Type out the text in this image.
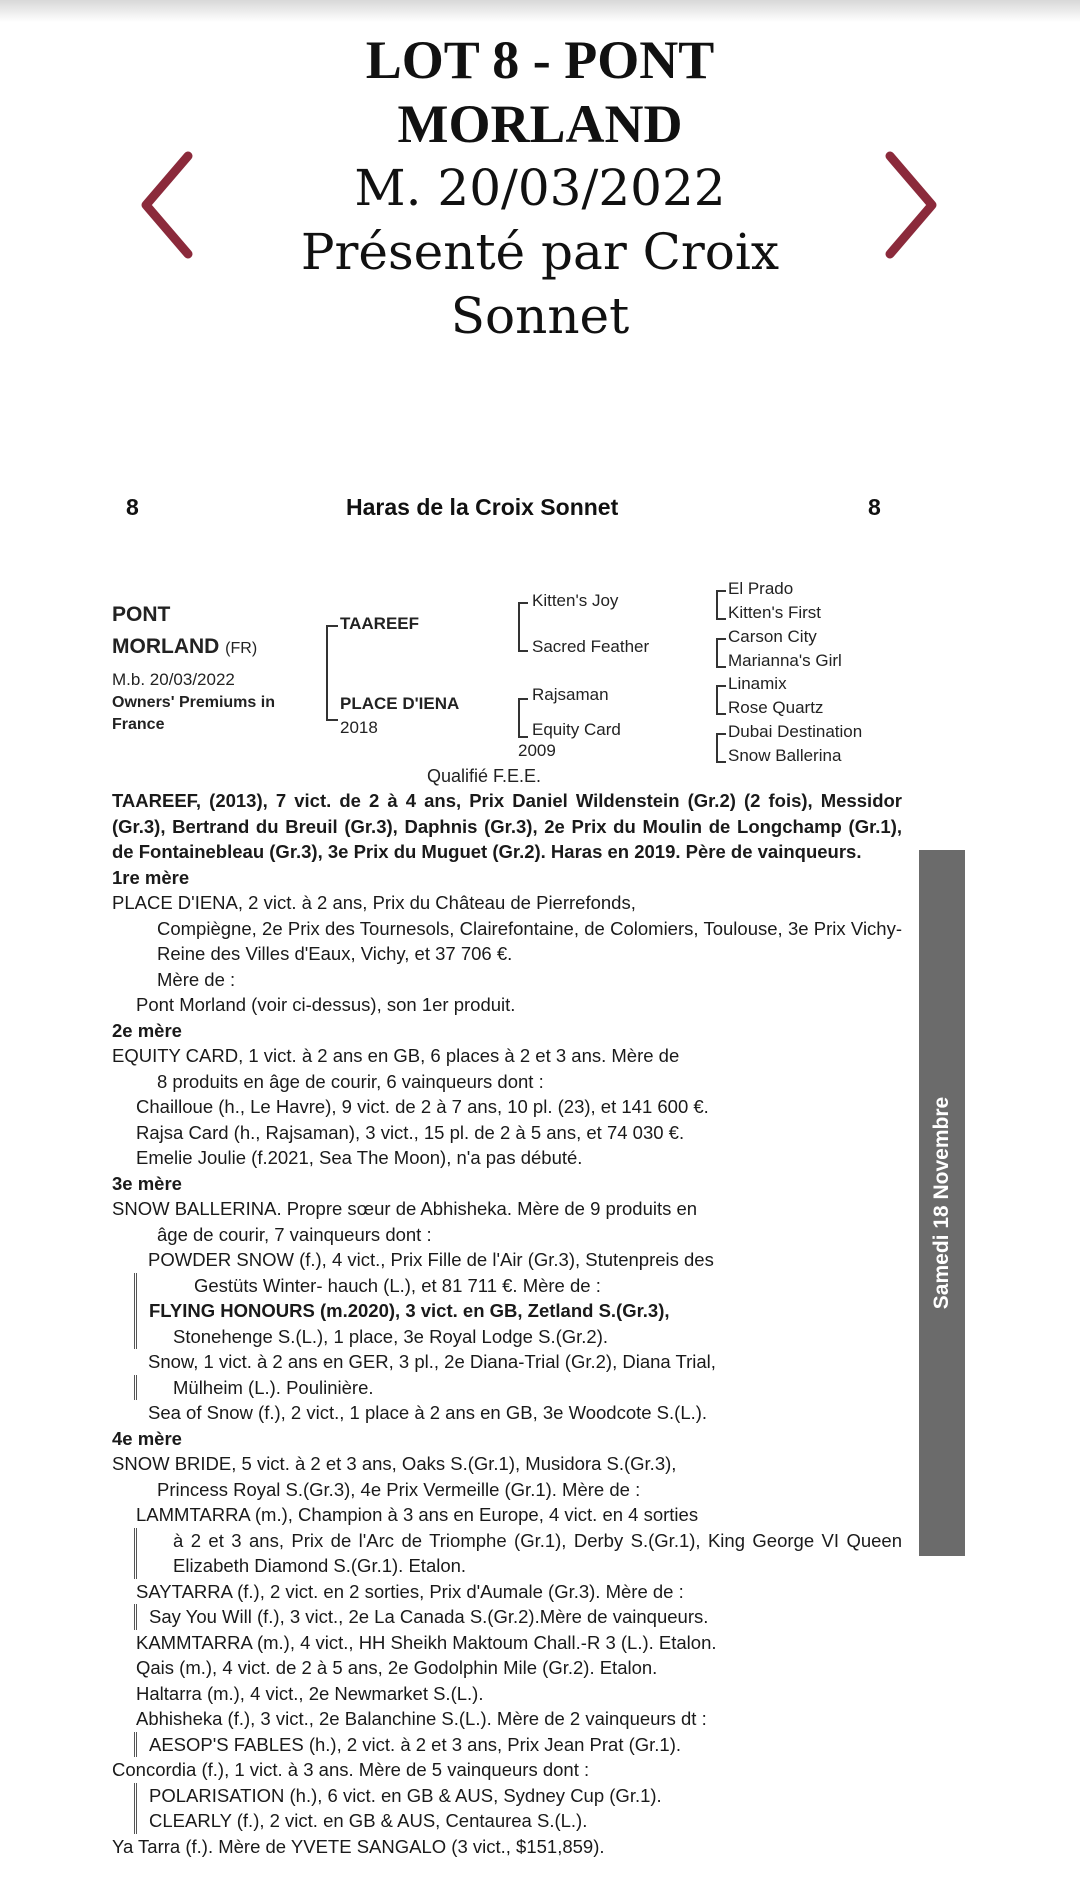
LOT 8 - PONT
MORLAND
M. 20/03/2022
Présenté par Croix
Sonnet
8	Haras de la Croix Sonnet	8
PONT
MORLAND (FR)
M.b. 20/03/2022
Owners' Premiums in
France
TAAREEF
PLACE D'IENA
2018
Kitten's Joy
Sacred Feather
Rajsaman
Equity Card
2009
El Prado
Kitten's First
Carson City
Marianna's Girl
Linamix
Rose Quartz
Dubai Destination
Snow Ballerina
Qualifié F.E.E.

TAAREEF, (2013), 7 vict. de 2 à 4 ans, Prix Daniel Wildenstein (Gr.2) (2 fois), Messidor (Gr.3), Bertrand du Breuil (Gr.3), Daphnis (Gr.3), 2e Prix du Moulin de Longchamp (Gr.1), de Fontainebleau (Gr.3), 3e Prix du Muguet (Gr.2). Haras en 2019. Père de vainqueurs.

1re mère

PLACE D'IENA, 2 vict. à 2 ans, Prix du Château de Pierrefonds,

Compiègne, 2e Prix des Tournesols, Clairefontaine, de Colomiers, Toulouse, 3e Prix Vichy-Reine des Villes d'Eaux, Vichy, et 37 706 €.

Mère de :

Pont Morland (voir ci-dessus), son 1er produit.

2e mère

EQUITY CARD, 1 vict. à 2 ans en GB, 6 places à 2 et 3 ans. Mère de

8 produits en âge de courir, 6 vainqueurs dont :

Chailloue (h., Le Havre), 9 vict. de 2 à 7 ans, 10 pl. (23), et 141 600 €.

Rajsa Card (h., Rajsaman), 3 vict., 15 pl. de 2 à 5 ans, et 74 030 €.

Emelie Joulie (f.2021, Sea The Moon), n'a pas débuté.

3e mère

SNOW BALLERINA. Propre sœur de Abhisheka. Mère de 9 produits en

âge de courir, 7 vainqueurs dont :

POWDER SNOW (f.), 4 vict., Prix Fille de l'Air (Gr.3), Stutenpreis des

Gestüts Winter- hauch (L.), et 81 711 €. Mère de :

FLYING HONOURS (m.2020), 3 vict. en GB, Zetland S.(Gr.3),

Stonehenge S.(L.), 1 place, 3e Royal Lodge S.(Gr.2).

Snow, 1 vict. à 2 ans en GER, 3 pl., 2e Diana-Trial (Gr.2), Diana Trial,

Mülheim (L.). Poulinière.

Sea of Snow (f.), 2 vict., 1 place à 2 ans en GB, 3e Woodcote S.(L.).

4e mère

SNOW BRIDE, 5 vict. à 2 et 3 ans, Oaks S.(Gr.1), Musidora S.(Gr.3),

Princess Royal S.(Gr.3), 4e Prix Vermeille (Gr.1). Mère de :

LAMMTARRA (m.), Champion à 3 ans en Europe, 4 vict. en 4 sorties

à 2 et 3 ans, Prix de l'Arc de Triomphe (Gr.1), Derby S.(Gr.1), King George VI Queen Elizabeth Diamond S.(Gr.1). Etalon.

SAYTARRA (f.), 2 vict. en 2 sorties, Prix d'Aumale (Gr.3). Mère de :

Say You Will (f.), 3 vict., 2e La Canada S.(Gr.2).Mère de vainqueurs.

KAMMTARRA (m.), 4 vict., HH Sheikh Maktoum Chall.-R 3 (L.). Etalon.

Qais (m.), 4 vict. de 2 à 5 ans, 2e Godolphin Mile (Gr.2). Etalon.

Haltarra (m.), 4 vict., 2e Newmarket S.(L.).

Abhisheka (f.), 3 vict., 2e Balanchine S.(L.). Mère de 2 vainqueurs dt :

AESOP'S FABLES (h.), 2 vict. à 2 et 3 ans, Prix Jean Prat (Gr.1).

Concordia (f.), 1 vict. à 3 ans. Mère de 5 vainqueurs dont :

POLARISATION (h.), 6 vict. en GB & AUS, Sydney Cup (Gr.1).

CLEARLY (f.), 2 vict. en GB & AUS, Centaurea S.(L.).

Ya Tarra (f.). Mère de YVETE SANGALO (3 vict., $151,859).

Samedi 18 Novembre
